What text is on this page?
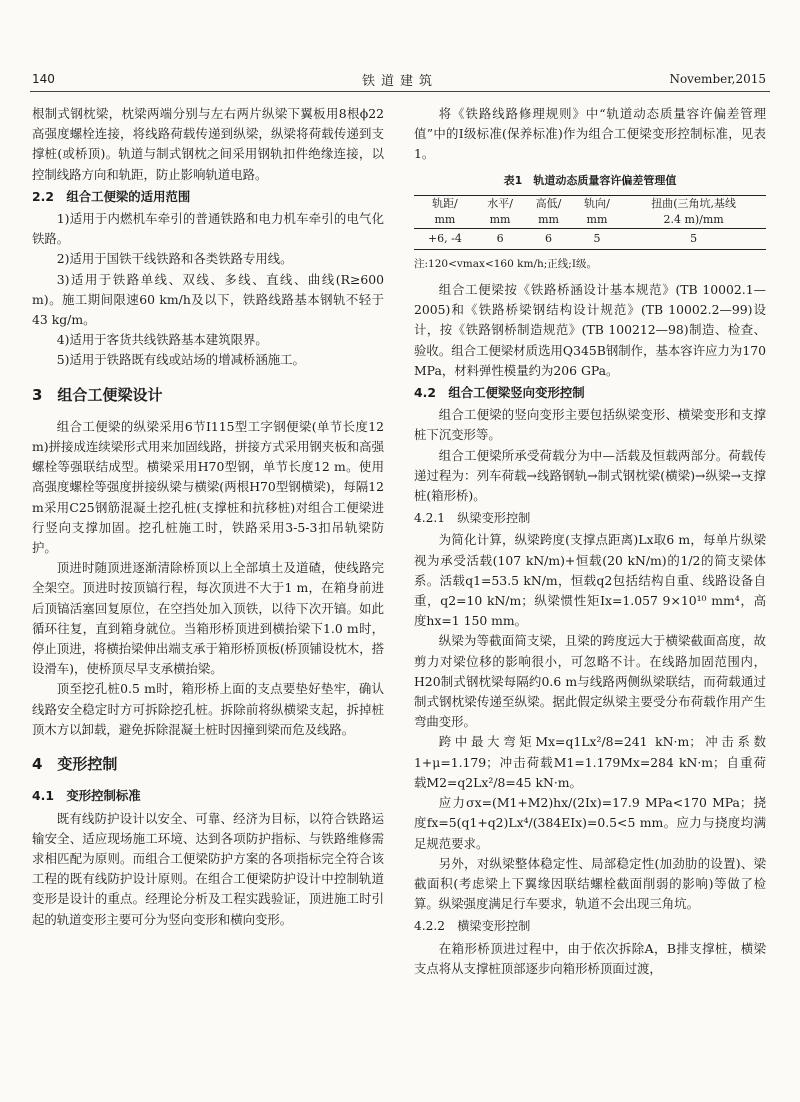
140	铁道建筑	November,2015

根制式钢枕梁，枕梁两端分别与左右两片纵梁下翼板用8根ϕ22高强度螺栓连接，将线路荷载传递到纵梁，纵梁将荷载传递到支撑桩(或桥顶)。轨道与制式钢枕之间采用钢轨扣件绝缘连接，以控制线路方向和轨距，防止影响轨道电路。

2.2　组合工便梁的适用范围

1)适用于内燃机车牵引的普通铁路和电力机车牵引的电气化铁路。

2)适用于国铁干线铁路和各类铁路专用线。

3)适用于铁路单线、双线、多线、直线、曲线(R≥600 m)。施工期间限速60 km/h及以下，铁路线路基本钢轨不轻于43 kg/m。

4)适用于客货共线铁路基本建筑限界。

5)适用于铁路既有线或站场的增减桥涵施工。

3　组合工便梁设计

组合工便梁的纵梁采用6节I115型工字钢便梁(单节长度12 m)拼接成连续梁形式用来加固线路，拼接方式采用钢夹板和高强螺栓等强联结成型。横梁采用H70型钢，单节长度12 m。使用高强度螺栓等强度拼接纵梁与横梁(两根H70型钢横梁)，每隔12 m采用C25钢筋混凝土挖孔桩(支撑桩和抗移桩)对组合工便梁进行竖向支撑加固。挖孔桩施工时，铁路采用3-5-3扣吊轨梁防护。

顶进时随顶进逐渐清除桥顶以上全部填土及道碴，使线路完全架空。顶进时按顶镐行程，每次顶进不大于1 m，在箱身前进后顶镐活塞回复原位，在空挡处加入顶铁，以待下次开镐。如此循环往复，直到箱身就位。当箱形桥顶进到横抬梁下1.0 m时，停止顶进，将横抬梁伸出端支承于箱形桥顶板(桥顶铺设枕木，搭设滑车)，使桥顶尽早支承横抬梁。

顶至挖孔桩0.5 m时，箱形桥上面的支点要垫好垫牢，确认线路安全稳定时方可拆除挖孔桩。拆除前将纵横梁支起，拆掉桩顶木方以卸载，避免拆除混凝土桩时因撞到梁而危及线路。

4　变形控制

4.1　变形控制标准

既有线防护设计以安全、可靠、经济为目标，以符合铁路运输安全、适应现场施工环境、达到各项防护指标、与铁路维修需求相匹配为原则。而组合工便梁防护方案的各项指标完全符合该工程的既有线防护设计原则。在组合工便梁防护设计中控制轨道变形是设计的重点。经理论分析及工程实践验证，顶进施工时引起的轨道变形主要可分为竖向变形和横向变形。

将《铁路线路修理规则》中“轨道动态质量容许偏差管理值”中的Ⅰ级标准(保养标准)作为组合工便梁变形控制标准，见表1。

表1　轨道动态质量容许偏差管理值

轨距/	水平/	高低/	轨向/	扭曲(三角坑,基线
mm	mm	mm	mm	2.4 m)/mm
+6, -4	6	6	5	5

注:120<vmax<160 km/h;正线;Ⅰ级。

组合工便梁按《铁路桥涵设计基本规范》(TB 10002.1—2005)和《铁路桥梁钢结构设计规范》(TB 10002.2—99)设计，按《铁路钢桥制造规范》(TB 100212—98)制造、检查、验收。组合工便梁材质选用Q345B钢制作，基本容许应力为170 MPa，材料弹性模量约为206 GPa。

4.2　组合工便梁竖向变形控制

组合工便梁的竖向变形主要包括纵梁变形、横梁变形和支撑桩下沉变形等。

组合工便梁所承受荷载分为中—活载及恒载两部分。荷载传递过程为：列车荷载→线路钢轨→制式钢枕梁(横梁)→纵梁→支撑桩(箱形桥)。

4.2.1　纵梁变形控制

为简化计算，纵梁跨度(支撑点距离)Lx取6 m，每单片纵梁视为承受活载(107 kN/m)+恒载(20 kN/m)的1/2的简支梁体系。活载q1=53.5 kN/m，恒载q2包括结构自重、线路设备自重，q2=10 kN/m；纵梁惯性矩Ix=1.057 9×10¹⁰ mm⁴，高度hx=1 150 mm。

纵梁为等截面简支梁，且梁的跨度远大于横梁截面高度，故剪力对梁位移的影响很小，可忽略不计。在线路加固范围内，H20制式钢枕梁每隔约0.6 m与线路两侧纵梁联结，而荷载通过制式钢枕梁传递至纵梁。据此假定纵梁主要受分布荷载作用产生弯曲变形。

跨中最大弯矩Mx=q1Lx²/8=241 kN·m；冲击系数1+μ=1.179；冲击荷载M1=1.179Mx=284 kN·m；自重荷载M2=q2Lx²/8=45 kN·m。

应力σx=(M1+M2)hx/(2Ix)=17.9 MPa<170 MPa；挠度fx=5(q1+q2)Lx⁴/(384EIx)=0.5<5 mm。应力与挠度均满足规范要求。

另外，对纵梁整体稳定性、局部稳定性(加劲肋的设置)、梁截面积(考虑梁上下翼缘因联结螺栓截面削弱的影响)等做了检算。纵梁强度满足行车要求，轨道不会出现三角坑。

4.2.2　横梁变形控制

在箱形桥顶进过程中，由于依次拆除A，B排支撑桩，横梁支点将从支撑桩顶部逐步向箱形桥顶面过渡，
